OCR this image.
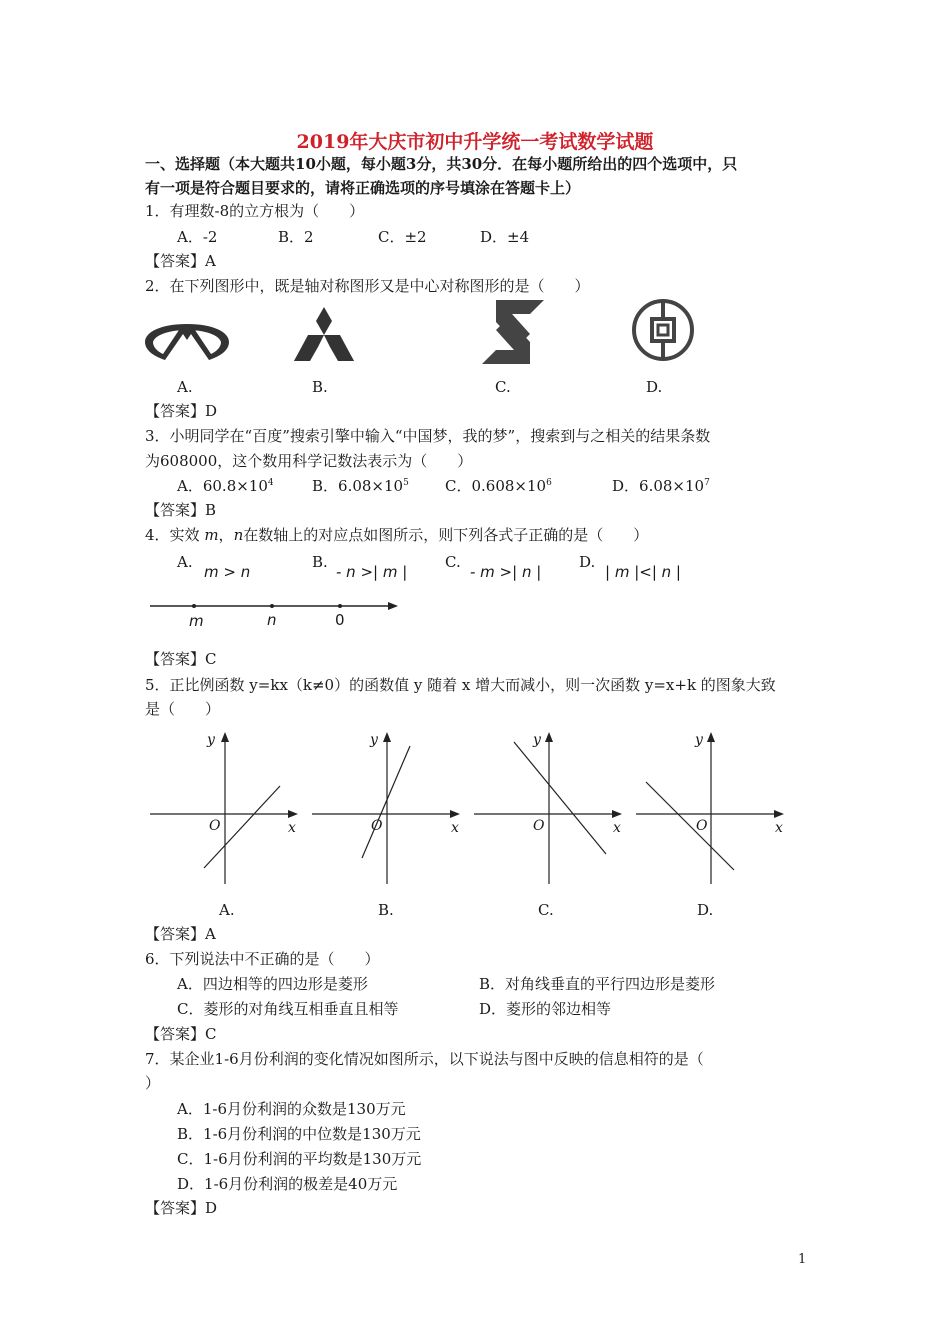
2019年大庆市初中升学统一考试数学试题
一、选择题（本大题共10小题，每小题3分，共30分．在每小题所给出的四个选项中，只
有一项是符合题目要求的，请将正确选项的序号填涂在答题卡上）
1．有理数-8的立方根为（　　）
A．-2	B．2	C．±2	D．±4
【答案】A
2．在下列图形中，既是轴对称图形又是中心对称图形的是（　　）
A.	B.	C.	D.
【答案】D
3．小明同学在“百度”搜索引擎中输入“中国梦，我的梦”，搜索到与之相关的结果条数
为608000，这个数用科学记数法表示为（　　）
A．$60.8\times 10^4$	B．$6.08\times 10^5$ C．$0.608\times 10^6$	D．$6.08\times 10^7$
【答案】B
4．实效 m，n在数轴上的对应点如图所示，则下列各式子正确的是（　　）
A.
m > n
B.
- n >| m |
C.
- m >| n |
D.
| m |<| n |
m	n	0
【答案】C
5．正比例函数 y=kx（k≠0）的函数值 y 随着 x 增大而减小，则一次函数 y=x+k 的图象大致
是（　　）
y
x
O
y
x
O
y
x
O
y
x
O
A.	B.	C.	D.
【答案】A
6．下列说法中不正确的是（　　）
A．四边相等的四边形是菱形	B．对角线垂直的平行四边形是菱形
C．菱形的对角线互相垂直且相等	D．菱形的邻边相等
【答案】C
7．某企业1-6月份利润的变化情况如图所示，以下说法与图中反映的信息相符的是（
）
A．1-6月份利润的众数是130万元
B．1-6月份利润的中位数是130万元
C．1-6月份利润的平均数是130万元
D．1-6月份利润的极差是40万元
【答案】D
1
